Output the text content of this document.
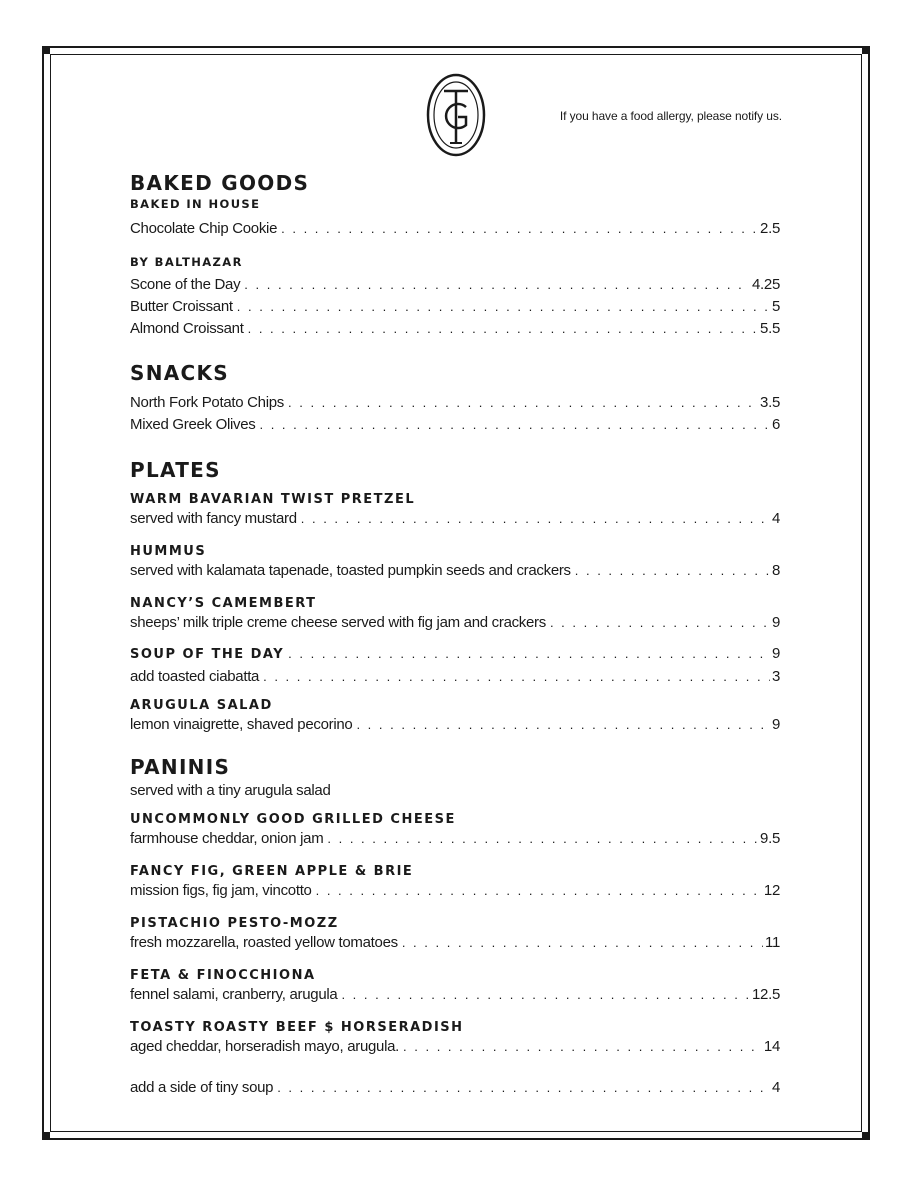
If you have a food allergy, please notify us.
BAKED GOODS
BAKED IN HOUSE
Chocolate Chip Cookie . . .	2.5
BY BALTHAZAR
Scone of the Day . . .	4.25
Butter Croissant . . .	5
Almond Croissant . . .	5.5
SNACKS
North Fork Potato Chips . . .	3.5
Mixed Greek Olives . . .	6
PLATES
WARM BAVARIAN TWIST PRETZEL
served with fancy mustard . . .	4
HUMMUS
served with kalamata tapenade, toasted pumpkin seeds and crackers . . .	8
NANCY’S CAMEMBERT
sheeps’ milk triple creme cheese served with fig jam and crackers . . .	9
SOUP OF THE DAY . . .	9
add toasted ciabatta . . .	3
ARUGULA SALAD
lemon vinaigrette, shaved pecorino . . .	9
PANINIS
served with a tiny arugula salad
UNCOMMONLY GOOD GRILLED CHEESE
farmhouse cheddar, onion jam . . .	9.5
FANCY FIG, GREEN APPLE & BRIE
mission figs, fig jam, vincotto . . .	12
PISTACHIO PESTO-MOZZ
fresh mozzarella, roasted yellow tomatoes . . .	11
FETA & FINOCCHIONA
fennel salami, cranberry, arugula . . .	12.5
TOASTY ROASTY BEEF $ HORSERADISH
aged cheddar, horseradish mayo, arugula. . . .	14
add a side of tiny soup . . .	4
